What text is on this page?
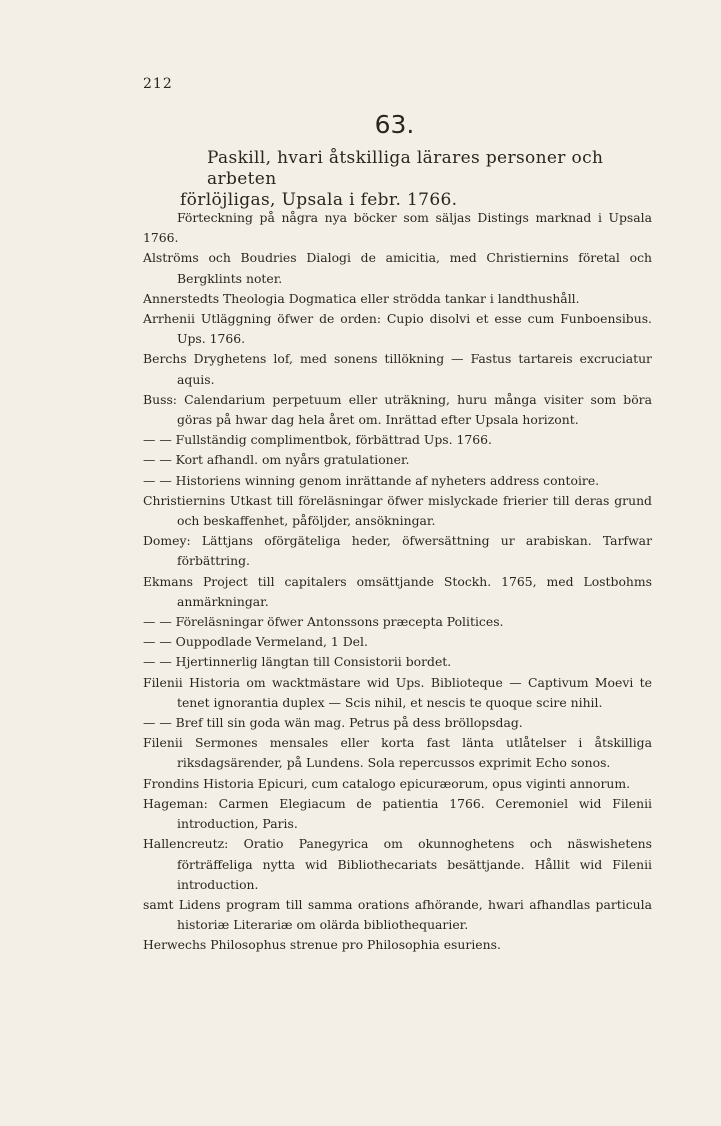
212
63.
Paskill, hvari åtskilliga lärares personer och arbeten
förlöjligas, Upsala i febr. 1766.

Förteckning på några nya böcker som säljas Distings marknad i Upsala 1766.

Alströms och Boudries Dialogi de amicitia, med Christiernins företal och Bergklints noter.

Annerstedts Theologia Dogmatica eller strödda tankar i landthushåll.

Arrhenii Utläggning öfwer de orden: Cupio disolvi et esse cum Funboensibus. Ups. 1766.

Berchs Dryghetens lof, med sonens tillökning — Fastus tartareis excruciatur aquis.

Buss: Calendarium perpetuum eller uträkning, huru många visiter som böra göras på hwar dag hela året om. Inrättad efter Upsala horizont.

— — Fullständig complimentbok, förbättrad Ups. 1766.

— — Kort afhandl. om nyårs gratulationer.

— — Historiens winning genom inrättande af nyheters address contoire.

Christiernins Utkast till föreläsningar öfwer mislyckade frierier till deras grund och beskaffenhet, påföljder, ansökningar.

Domey: Lättjans oförgäteliga heder, öfwersättning ur arabiskan. Tarfwar förbättring.

Ekmans Project till capitalers omsättjande Stockh. 1765, med Lostbohms anmärkningar.

— — Föreläsningar öfwer Antonssons præcepta Politices.

— — Ouppodlade Vermeland, 1 Del.

— — Hjertinnerlig längtan till Consistorii bordet.

Filenii Historia om wacktmästare wid Ups. Biblioteque — Captivum Moevi te tenet ignorantia duplex — Scis nihil, et nescis te quoque scire nihil.

— — Bref till sin goda wän mag. Petrus på dess bröllopsdag.

Filenii Sermones mensales eller korta fast länta utlåtelser i åtskilliga riksdagsärender, på Lundens. Sola repercussos exprimit Echo sonos.

Frondins Historia Epicuri, cum catalogo epicuræorum, opus viginti annorum.

Hageman: Carmen Elegiacum de patientia 1766. Ceremoniel wid Filenii introduction, Paris.

Hallencreutz: Oratio Panegyrica om okunnoghetens och näswishetens förträffeliga nytta wid Bibliothecariats besättjande. Hållit wid Filenii introduction.

samt Lidens program till samma orations afhörande, hwari afhandlas particula historiæ Literariæ om olärda bibliothequarier.

Herwechs Philosophus strenue pro Philosophia esuriens.
